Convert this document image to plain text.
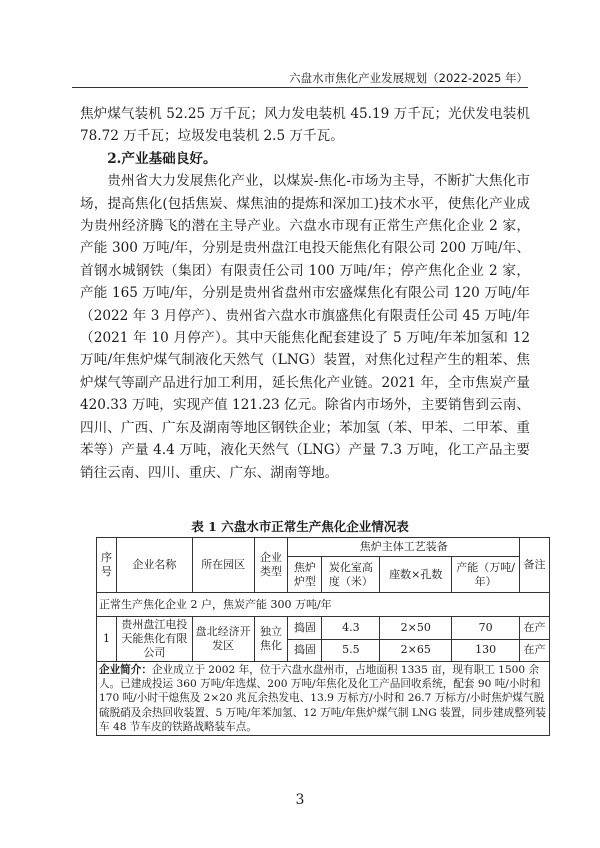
六盘水市焦化产业发展规划（2022-2025 年）

焦炉煤气装机 52.25 万千瓦；风力发电装机 45.19 万千瓦；光伏发电装机 78.72 万千瓦；垃圾发电装机 2.5 万千瓦。

2.产业基础良好。

贵州省大力发展焦化产业，以煤炭-焦化-市场为主导，不断扩大焦化市场，提高焦化(包括焦炭、煤焦油的提炼和深加工)技术水平，使焦化产业成为贵州经济腾飞的潜在主导产业。六盘水市现有正常生产焦化企业 2 家，产能 300 万吨/年，分别是贵州盘江电投天能焦化有限公司 200 万吨/年、首钢水城钢铁（集团）有限责任公司 100 万吨/年；停产焦化企业 2 家，产能 165 万吨/年，分别是贵州省盘州市宏盛煤焦化有限公司 120 万吨/年（2022 年 3 月停产）、贵州省六盘水市旗盛焦化有限责任公司 45 万吨/年（2021 年 10 月停产）。其中天能焦化配套建设了 5 万吨/年苯加氢和 12 万吨/年焦炉煤气制液化天然气（LNG）装置，对焦化过程产生的粗苯、焦炉煤气等副产品进行加工利用，延长焦化产业链。2021 年，全市焦炭产量 420.33 万吨，实现产值 121.23 亿元。除省内市场外，主要销售到云南、四川、广西、广东及湖南等地区钢铁企业；苯加氢（苯、甲苯、二甲苯、重苯等）产量 4.4 万吨，液化天然气（LNG）产量 7.3 万吨，化工产品主要销往云南、四川、重庆、广东、湖南等地。

表 1 六盘水市正常生产焦化企业情况表
序号	企业名称	所在园区	企业类型	焦炉主体工艺装备				备注
				焦炉炉型	炭化室高度（米）	座数×孔数	产能（万吨/年）	
正常生产焦化企业 2 户，焦炭产能 300 万吨/年								
1	贵州盘江电投天能焦化有限公司	盘北经济开发区	独立焦化	捣固	4.3	2×50	70	在产
				捣固	5.5	2×65	130	在产
企业简介：企业成立于 2002 年，位于六盘水盘州市，占地面积 1335 亩，现有职工 1500 余人。已建成投运 360 万吨/年选煤、200 万吨/年焦化及化工产品回收系统，配套 90 吨/小时和 170 吨/小时干熄焦及 2×20 兆瓦余热发电、13.9 万标方/小时和 26.7 万标方/小时焦炉煤气脱硫脱硝及余热回收装置、5 万吨/年苯加氢、12 万吨/年焦炉煤气制 LNG 装置，同步建成整列装车 48 节车皮的铁路战略装车点。								
3
